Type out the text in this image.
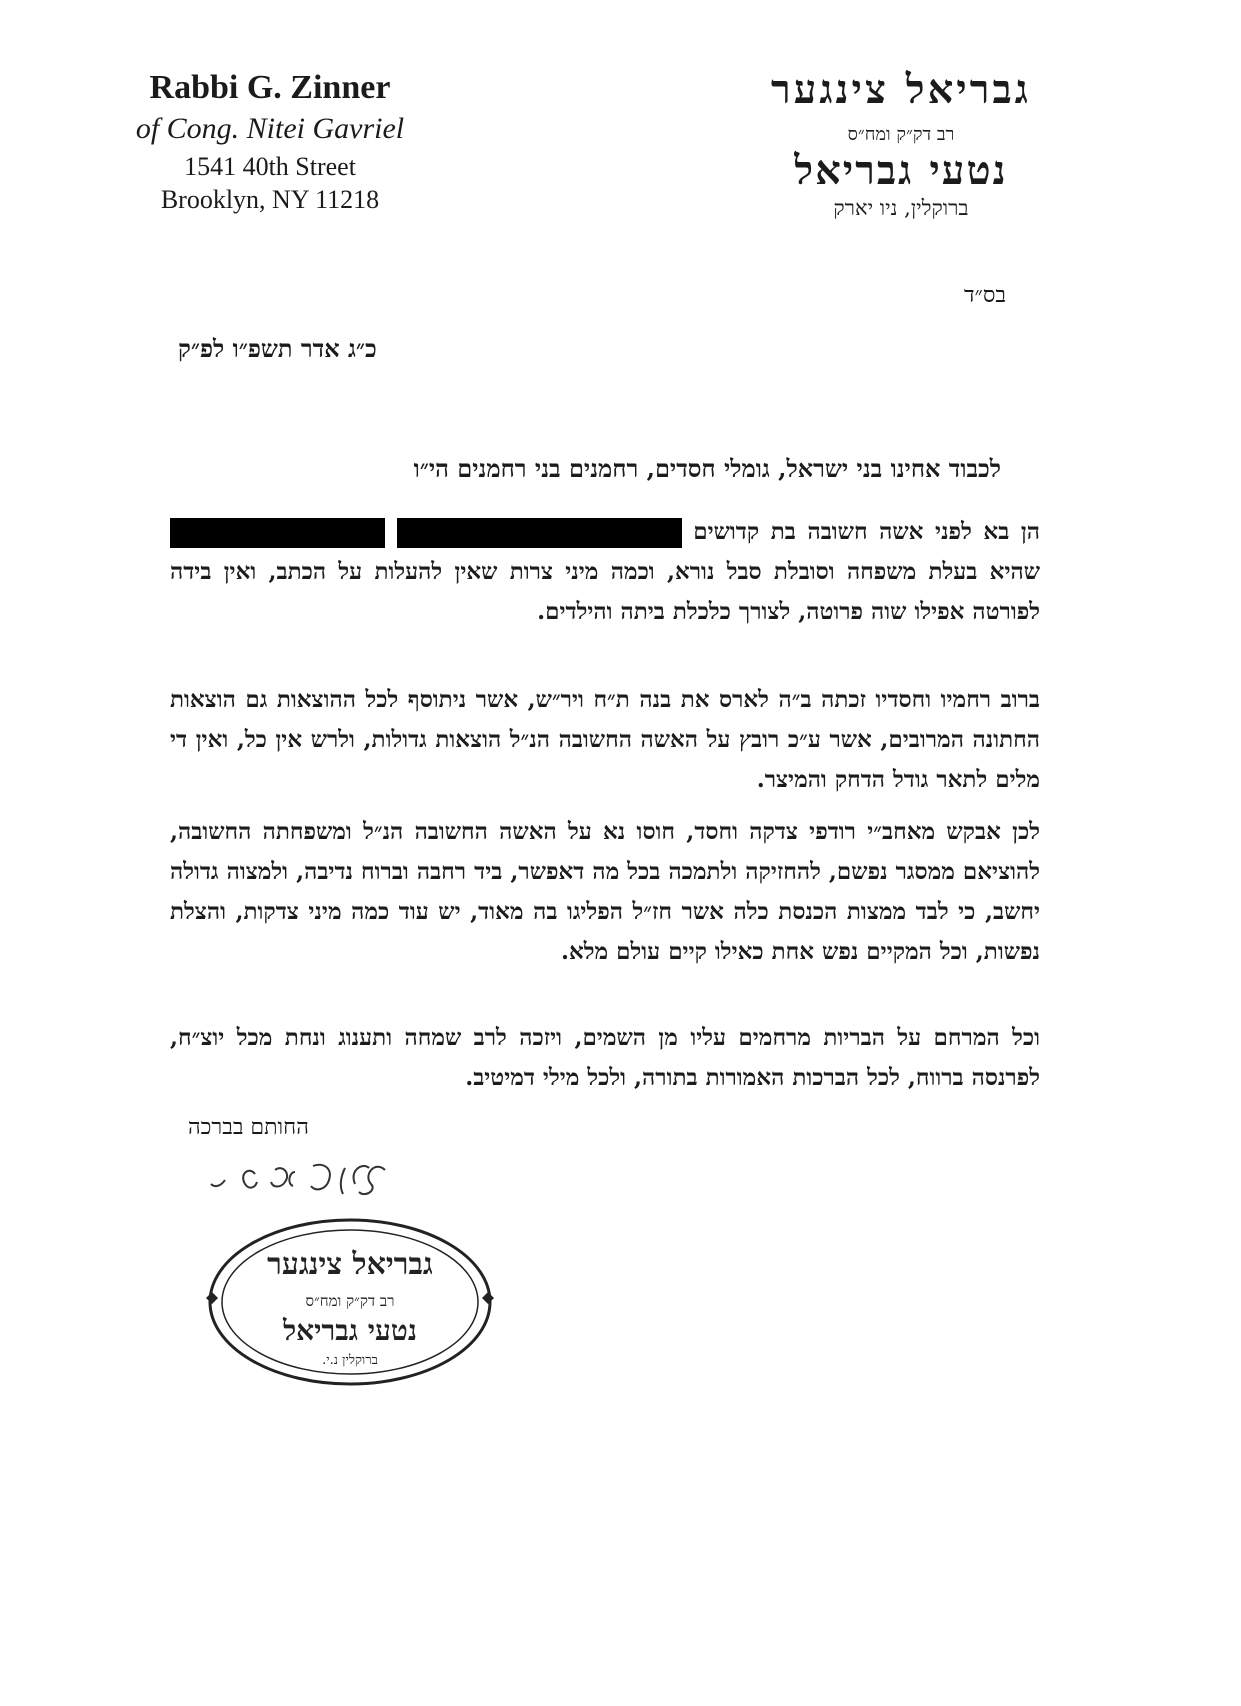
Rabbi G. Zinner
of Cong. Nitei Gavriel
1541 40th Street
Brooklyn, NY 11218
גבריאל צינגער
רב דק״ק ומח״ס
נטעי גבריאל
ברוקלין, ניו יארק
בס״ד
כ״ג אדר תשפ״ו לפ״ק
לכבוד אחינו בני ישראל, גומלי חסדים, רחמנים בני רחמנים הי״ו
הן בא לפני אשה חשובה בת קדושים   שהיא בעלת משפחה וסובלת סבל נורא, וכמה מיני צרות שאין להעלות על הכתב, ואין בידה לפורטה אפילו שוה פרוטה, לצורך כלכלת ביתה והילדים.
ברוב רחמיו וחסדיו זכתה ב״ה לארס את בנה ת״ח ויר״ש, אשר ניתוסף לכל ההוצאות גם הוצאות החתונה המרובים, אשר ע״כ רובץ על האשה החשובה הנ״ל הוצאות גדולות, ולרש אין כל, ואין די מלים לתאר גודל הדחק והמיצר.
לכן אבקש מאחב״י רודפי צדקה וחסד, חוסו נא על האשה החשובה הנ״ל ומשפחתה החשובה, להוציאם ממסגר נפשם, להחזיקה ולתמכה בכל מה דאפשר, ביד רחבה וברוח נדיבה, ולמצוה גדולה יחשב, כי לבד ממצות הכנסת כלה אשר חז״ל הפליגו בה מאוד, יש עוד כמה מיני צדקות, והצלת נפשות, וכל המקיים נפש אחת כאילו קיים עולם מלא.
וכל המרחם על הבריות מרחמים עליו מן השמים, ויזכה לרב שמחה ותענוג ונחת מכל יוצ״ח, לפרנסה ברווח, לכל הברכות האמורות בתורה, ולכל מילי דמיטיב.
החותם בברכה
גבריאל צינגער
רב דק״ק ומח״ס
נטעי גבריאל
ברוקלין נ.י.
